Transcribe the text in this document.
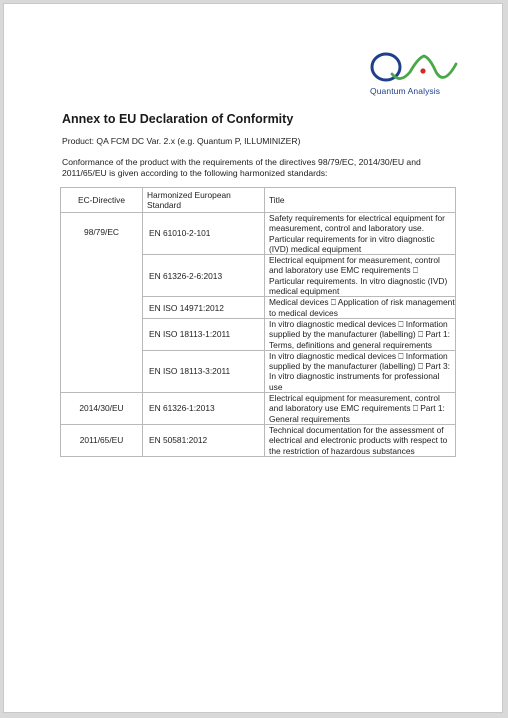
Quantum Analysis
Annex to EU Declaration of Conformity
Product: QA FCM DC Var. 2.x (e.g. Quantum P, ILLUMINIZER)
Conformance of the product with the requirements of the directives 98/79/EC, 2014/30/EU and 2011/65/EU is given according to the following harmonized standards:
EC-Directive	Harmonized European Standard	Title
98/79/EC	EN 61010-2-101	Safety requirements for electrical equipment for measurement, control and laboratory use. Particular requirements for in vitro diagnostic (IVD) medical equipment
	EN 61326-2-6:2013	Electrical equipment for measurement, control and laboratory use EMC requirements ⎕ Particular requirements. In vitro diagnostic (IVD) medical equipment
	EN ISO 14971:2012	Medical devices ⎕ Application of risk management to medical devices
	EN ISO 18113-1:2011	In vitro diagnostic medical devices ⎕ Information supplied by the manufacturer (labelling) ⎕ Part 1: Terms, definitions and general requirements
	EN ISO 18113-3:2011	In vitro diagnostic medical devices ⎕ Information supplied by the manufacturer (labelling) ⎕ Part 3: In vitro diagnostic instruments for professional use
2014/30/EU	EN 61326-1:2013	Electrical equipment for measurement, control and laboratory use EMC requirements ⎕ Part 1: General requirements
2011/65/EU	EN 50581:2012	Technical documentation for the assessment of electrical and electronic products with respect to the restriction of hazardous substances
